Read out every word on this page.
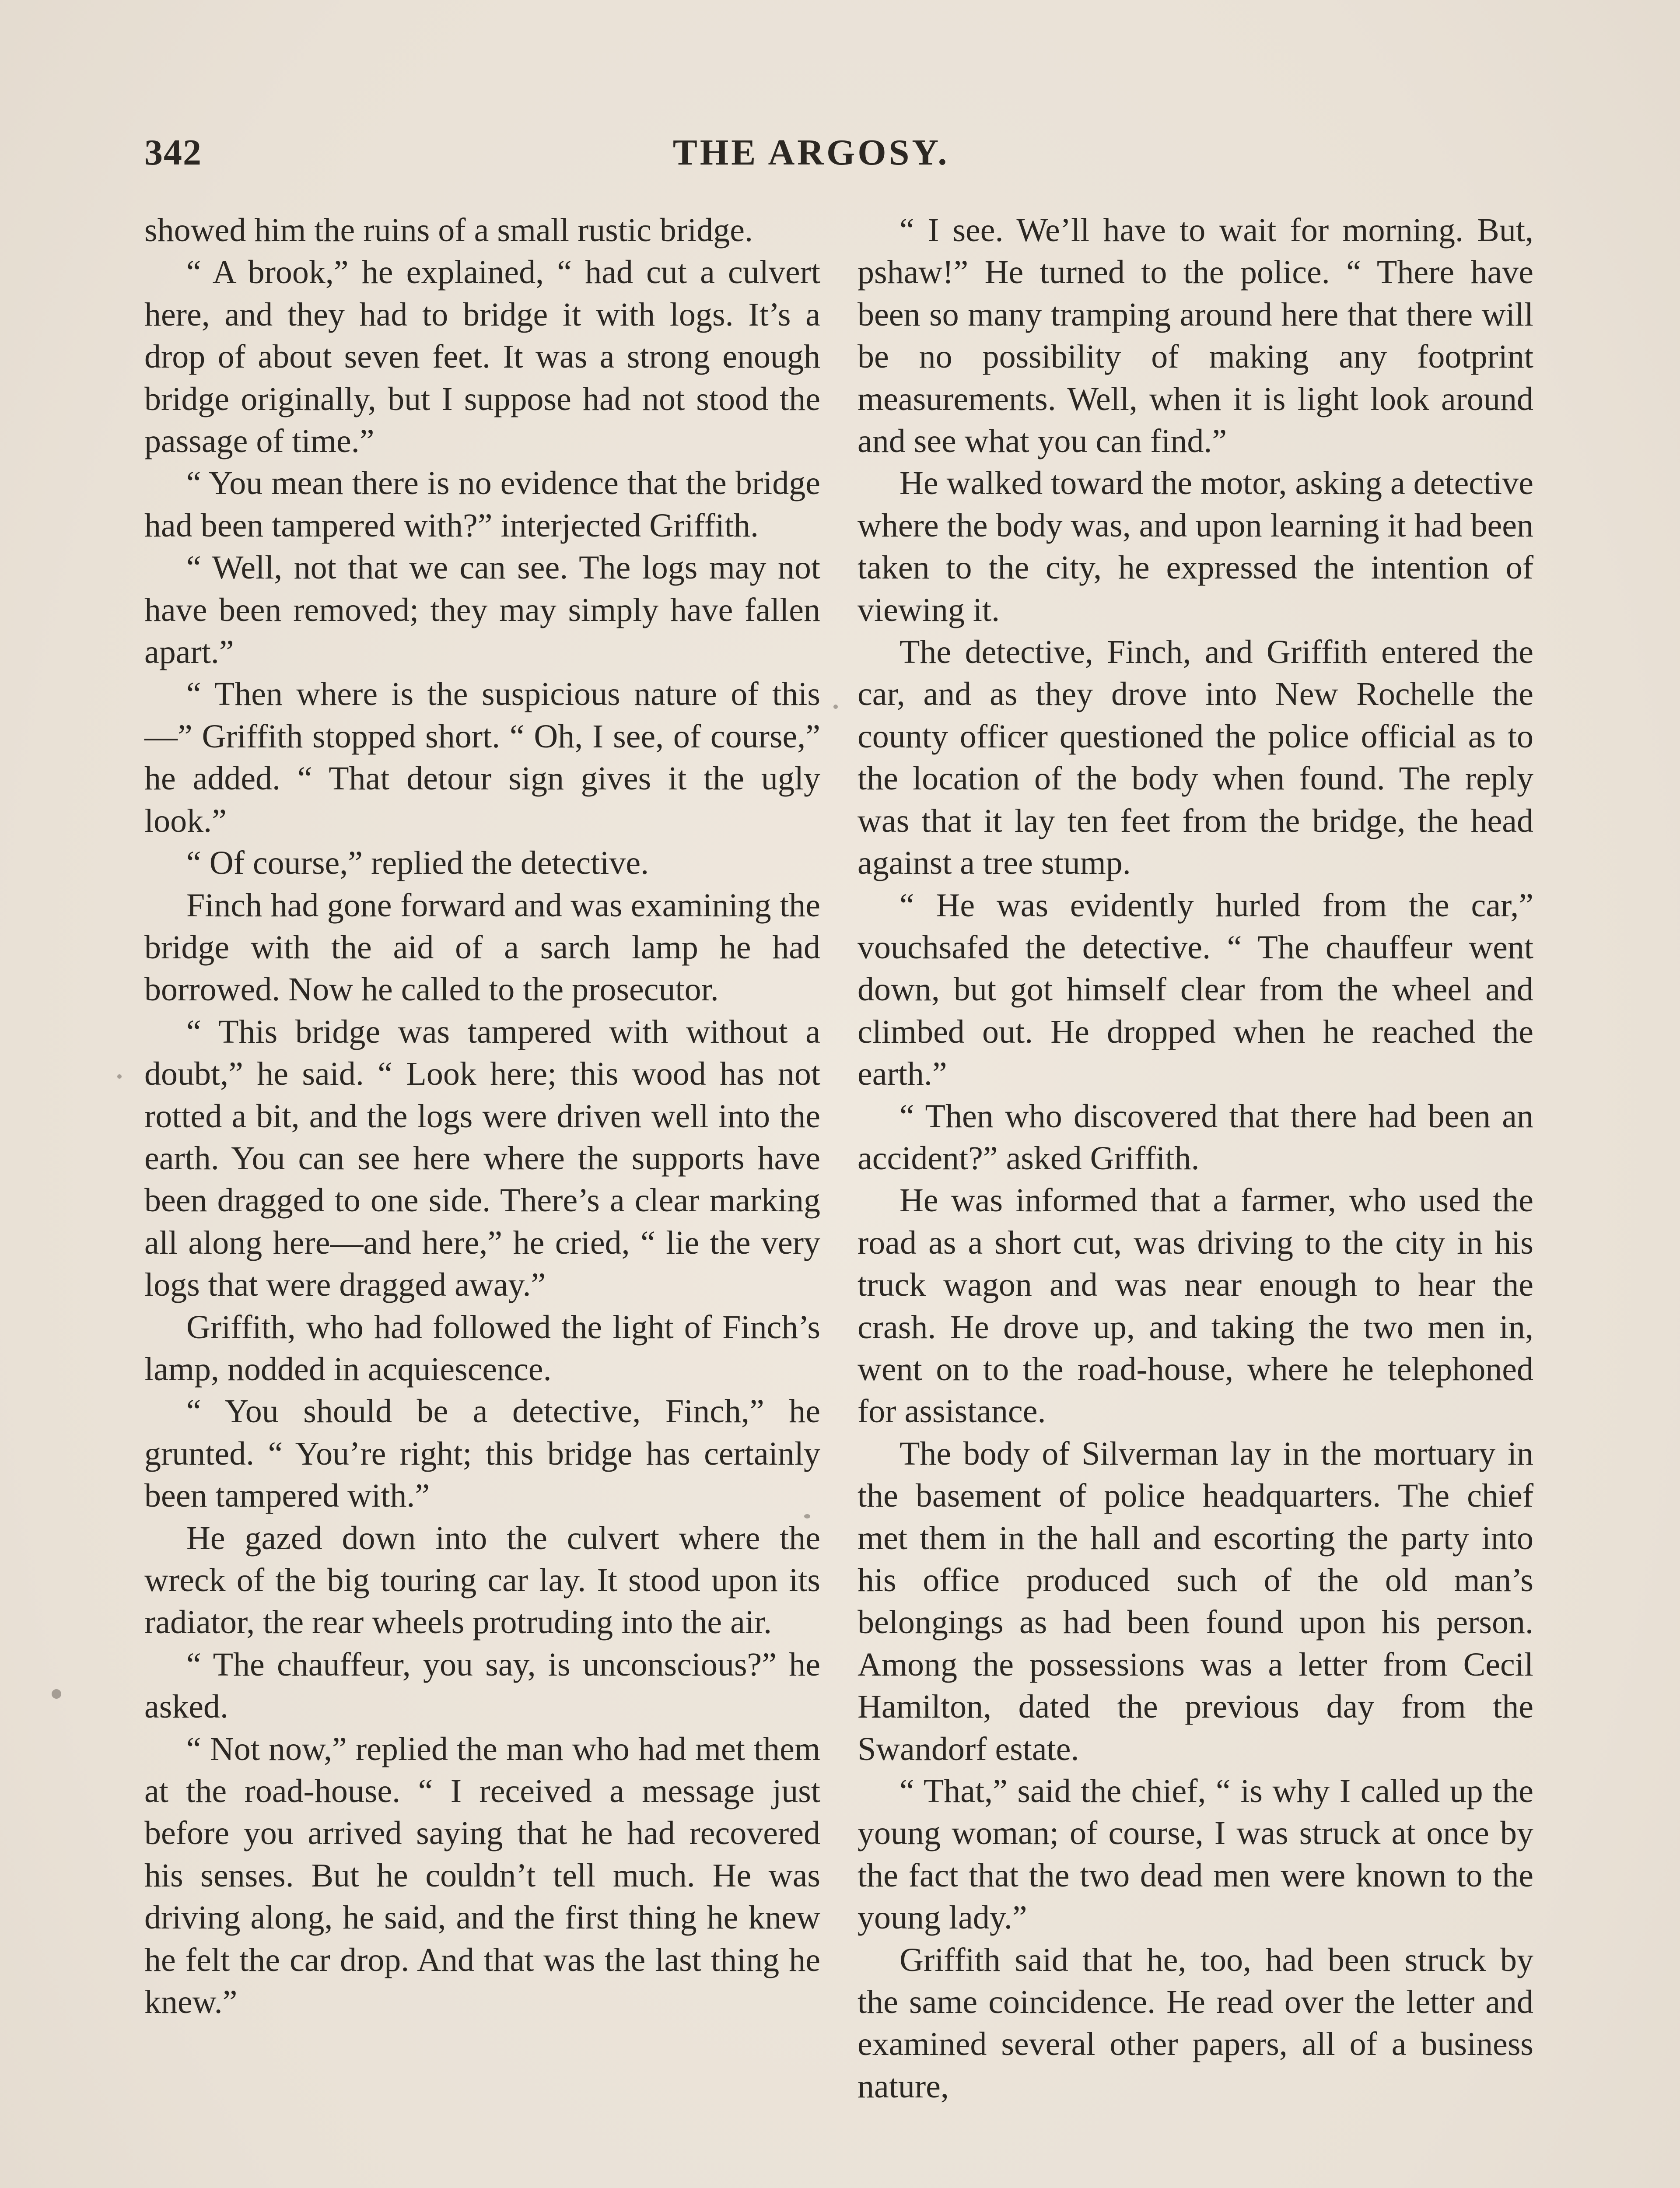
342	THE ARGOSY.

showed him the ruins of a small rustic bridge.

“ A brook,” he explained, “ had cut a culvert here, and they had to bridge it with logs. It’s a drop of about seven feet. It was a strong enough bridge originally, but I suppose had not stood the passage of time.”

“ You mean there is no evidence that the bridge had been tampered with?” interjected Griffith.

“ Well, not that we can see. The logs may not have been removed; they may simply have fallen apart.”

“ Then where is the suspicious nature of this—” Griffith stopped short. “ Oh, I see, of course,” he added. “ That detour sign gives it the ugly look.”

“ Of course,” replied the detective.

Finch had gone forward and was examining the bridge with the aid of a sarch lamp he had borrowed. Now he called to the prosecutor.

“ This bridge was tampered with without a doubt,” he said. “ Look here; this wood has not rotted a bit, and the logs were driven well into the earth. You can see here where the supports have been dragged to one side. There’s a clear marking all along here—and here,” he cried, “ lie the very logs that were dragged away.”

Griffith, who had followed the light of Finch’s lamp, nodded in acquiescence.

“ You should be a detective, Finch,” he grunted. “ You’re right; this bridge has certainly been tampered with.”

He gazed down into the culvert where the wreck of the big touring car lay. It stood upon its radiator, the rear wheels protruding into the air.

“ The chauffeur, you say, is unconscious?” he asked.

“ Not now,” replied the man who had met them at the road-house. “ I received a message just before you arrived saying that he had recovered his senses. But he couldn’t tell much. He was driving along, he said, and the first thing he knew he felt the car drop. And that was the last thing he knew.”

“ I see. We’ll have to wait for morning. But, pshaw!” He turned to the police. “ There have been so many tramping around here that there will be no possibility of making any footprint measurements. Well, when it is light look around and see what you can find.”

He walked toward the motor, asking a detective where the body was, and upon learning it had been taken to the city, he expressed the intention of viewing it.

The detective, Finch, and Griffith entered the car, and as they drove into New Rochelle the county officer questioned the police official as to the location of the body when found. The reply was that it lay ten feet from the bridge, the head against a tree stump.

“ He was evidently hurled from the car,” vouchsafed the detective. “ The chauffeur went down, but got himself clear from the wheel and climbed out. He dropped when he reached the earth.”

“ Then who discovered that there had been an accident?” asked Griffith.

He was informed that a farmer, who used the road as a short cut, was driving to the city in his truck wagon and was near enough to hear the crash. He drove up, and taking the two men in, went on to the road-house, where he telephoned for assistance.

The body of Silverman lay in the mortuary in the basement of police headquarters. The chief met them in the hall and escorting the party into his office produced such of the old man’s belongings as had been found upon his person. Among the possessions was a letter from Cecil Hamilton, dated the previous day from the Swandorf estate.

“ That,” said the chief, “ is why I called up the young woman; of course, I was struck at once by the fact that the two dead men were known to the young lady.”

Griffith said that he, too, had been struck by the same coincidence. He read over the letter and examined several other papers, all of a business nature,
